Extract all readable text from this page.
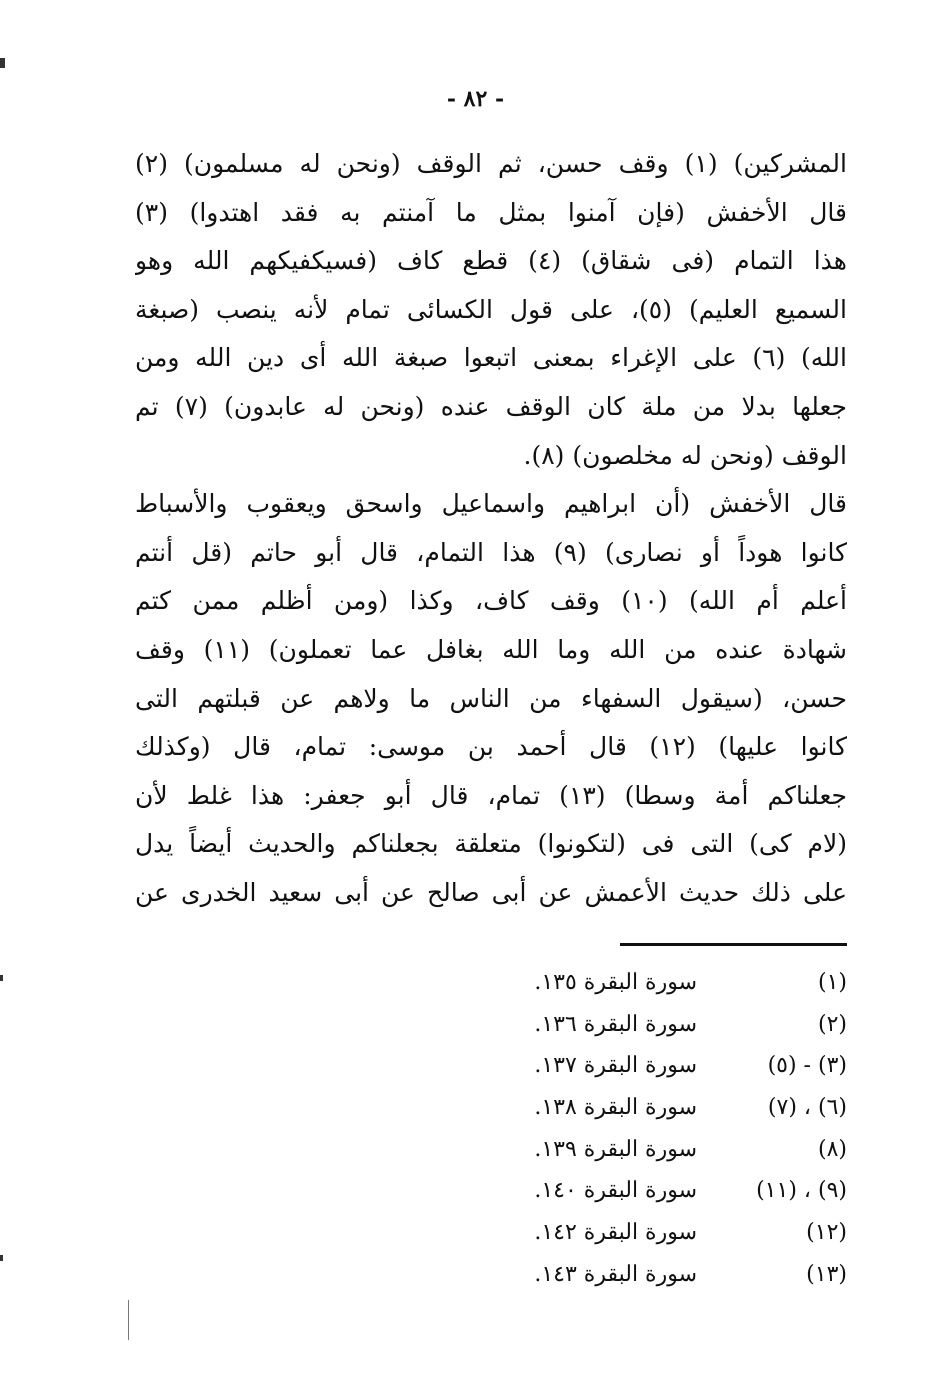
- ٨٢ -
المشركين) (١) وقف حسن، ثم الوقف (ونحن له مسلمون) (٢)
قال الأخفش (فإن آمنوا بمثل ما آمنتم به فقد اهتدوا) (٣)
هذا التمام (فى شقاق) (٤) قطع كاف (فسيكفيكهم الله وهو
السميع العليم) (٥)، على قول الكسائى تمام لأنه ينصب (صبغة
الله) (٦) على الإغراء بمعنى اتبعوا صبغة الله أى دين الله ومن
جعلها بدلا من ملة كان الوقف عنده (ونحن له عابدون) (٧) تم
الوقف (ونحن له مخلصون) (٨).
قال الأخفش (أن ابراهيم واسماعيل واسحق ويعقوب والأسباط
كانوا هوداً أو نصارى) (٩) هذا التمام، قال أبو حاتم (قل أنتم
أعلم أم الله) (١٠) وقف كاف، وكذا (ومن أظلم ممن كتم
شهادة عنده من الله وما الله بغافل عما تعملون) (١١) وقف
حسن، (سيقول السفهاء من الناس ما ولاهم عن قبلتهم التى
كانوا عليها) (١٢) قال أحمد بن موسى: تمام، قال (وكذلك
جعلناكم أمة وسطا) (١٣) تمام، قال أبو جعفر: هذا غلط لأن
(لام كى) التى فى (لتكونوا) متعلقة بجعلناكم والحديث أيضاً يدل
على ذلك حديث الأعمش عن أبى صالح عن أبى سعيد الخدرى عن
(١)
سورة البقرة ١٣٥.
(٢)
سورة البقرة ١٣٦.
(٣) - (٥)
سورة البقرة ١٣٧.
(٦) ، (٧)
سورة البقرة ١٣٨.
(٨)
سورة البقرة ١٣٩.
(٩) ، (١١)
سورة البقرة ١٤٠.
(١٢)
سورة البقرة ١٤٢.
(١٣)
سورة البقرة ١٤٣.
